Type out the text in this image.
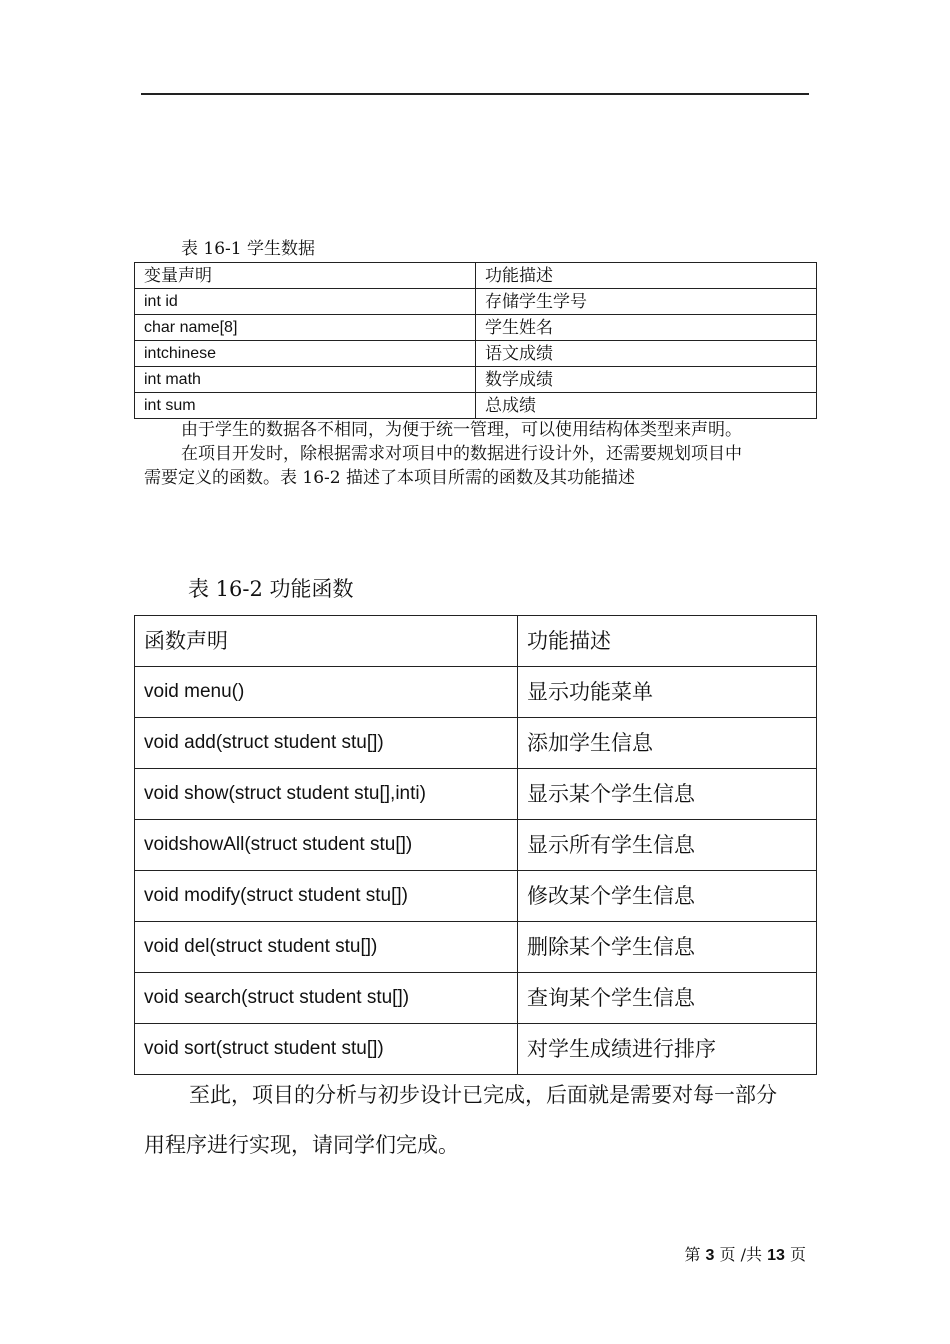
表 16-1 学生数据
变量声明	功能描述
int id	存储学生学号
char name[8]	学生姓名
intchinese	语文成绩
int math	数学成绩
int sum	总成绩

由于学生的数据各不相同，为便于统一管理，可以使用结构体类型来声明。

在项目开发时，除根据需求对项目中的数据进行设计外，还需要规划项目中

需要定义的函数。表 16-2 描述了本项目所需的函数及其功能描述

表 16-2 功能函数
函数声明	功能描述
void menu()	显示功能菜单
void add(struct student stu[])	添加学生信息
void show(struct student stu[],inti)	显示某个学生信息
voidshowAll(struct student stu[])	显示所有学生信息
void modify(struct student stu[])	修改某个学生信息
void del(struct student stu[])	删除某个学生信息
void search(struct student stu[])	查询某个学生信息
void sort(struct student stu[])	对学生成绩进行排序

至此，项目的分析与初步设计已完成，后面就是需要对每一部分

用程序进行实现，请同学们完成。

第 3 页 /共 13 页
